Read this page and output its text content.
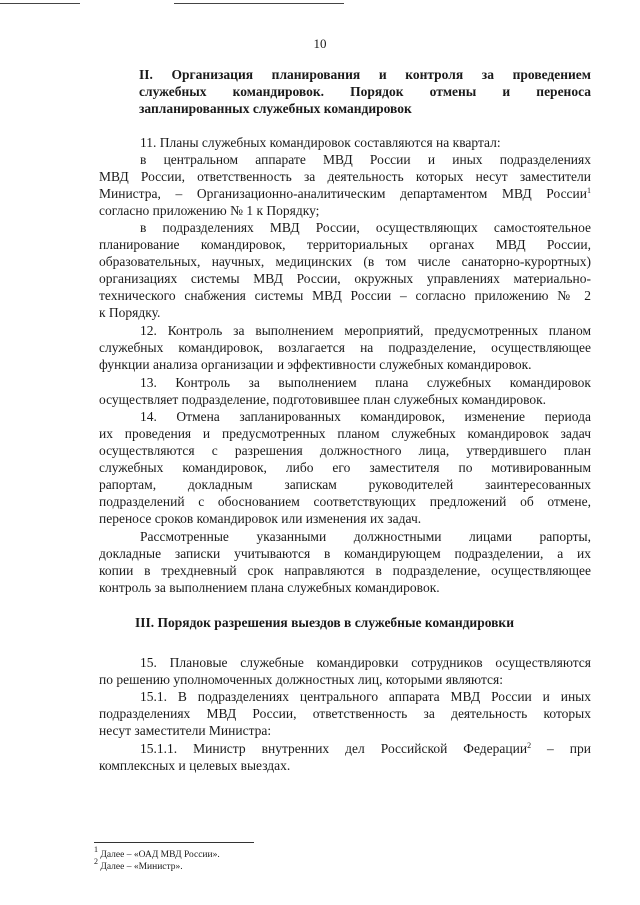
10
II. Организация планирования и контроля за проведением
служебных командировок. Порядок отмены и переноса
запланированных служебных командировок
11. Планы служебных командировок составляются на квартал:
в центральном аппарате МВД России и иных подразделениях
МВД России, ответственность за деятельность которых несут заместители
Министра, – Организационно-аналитическим департаментом МВД России$^1$
согласно приложению № 1 к Порядку;
в подразделениях МВД России, осуществляющих самостоятельное
планирование командировок, территориальных органах МВД России,
образовательных, научных, медицинских (в том числе санаторно-курортных)
организациях системы МВД России, окружных управлениях материально-
технического снабжения системы МВД России – согласно приложению № 2
к Порядку.
12. Контроль за выполнением мероприятий, предусмотренных планом
служебных командировок, возлагается на подразделение, осуществляющее
функции анализа организации и эффективности служебных командировок.
13. Контроль за выполнением плана служебных командировок
осуществляет подразделение, подготовившее план служебных командировок.
14. Отмена запланированных командировок, изменение периода
их проведения и предусмотренных планом служебных командировок задач
осуществляются с разрешения должностного лица, утвердившего план
служебных командировок, либо его заместителя по мотивированным
рапортам, докладным запискам руководителей заинтересованных
подразделений с обоснованием соответствующих предложений об отмене,
переносе сроков командировок или изменения их задач.
Рассмотренные указанными должностными лицами рапорты,
докладные записки учитываются в командирующем подразделении, а их
копии в трехдневный срок направляются в подразделение, осуществляющее
контроль за выполнением плана служебных командировок.
III. Порядок разрешения выездов в служебные командировки
15. Плановые служебные командировки сотрудников осуществляются
по решению уполномоченных должностных лиц, которыми являются:
15.1. В подразделениях центрального аппарата МВД России и иных
подразделениях МВД России, ответственность за деятельность которых
несут заместители Министра:
15.1.1. Министр внутренних дел Российской Федерации$^2$ – при
комплексных и целевых выездах.
$^1$ Далее – «ОАД МВД России».
$^2$ Далее – «Министр».
